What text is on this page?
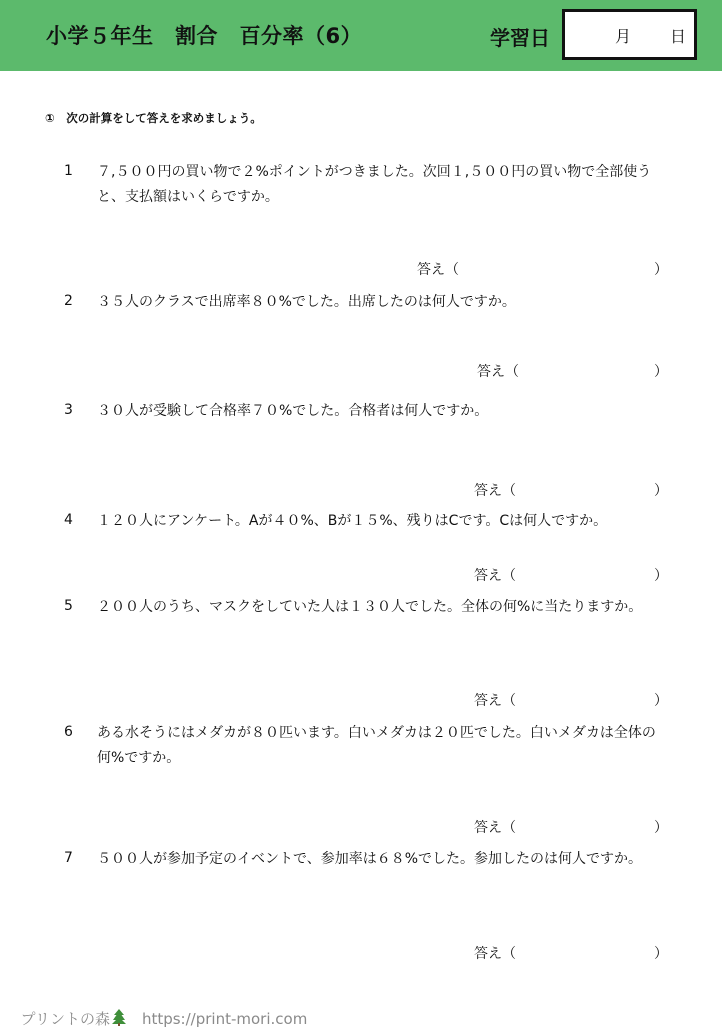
小学５年生　割合　百分率（6）	学習日	月 日
①　次の計算をして答えを求めましょう。
1 ７,５００円の買い物で２%ポイントがつきました。次回１,５００円の買い物で全部使うと、支払額はいくらですか。
答え（	）
2 ３５人のクラスで出席率８０%でした。出席したのは何人ですか。
答え（	）
3 ３０人が受験して合格率７０%でした。合格者は何人ですか。
答え（	）
4 １２０人にアンケート。Aが４０%、Bが１５%、残りはCです。Cは何人ですか。
答え（	）
5 ２００人のうち、マスクをしていた人は１３０人でした。全体の何%に当たりますか。
答え（	）
6 ある水そうにはメダカが８０匹います。白いメダカは２０匹でした。白いメダカは全体の何%ですか。
答え（	）
7 ５００人が参加予定のイベントで、参加率は６８%でした。参加したのは何人ですか。
答え（	）

プリントの森 https://print-mori.com
